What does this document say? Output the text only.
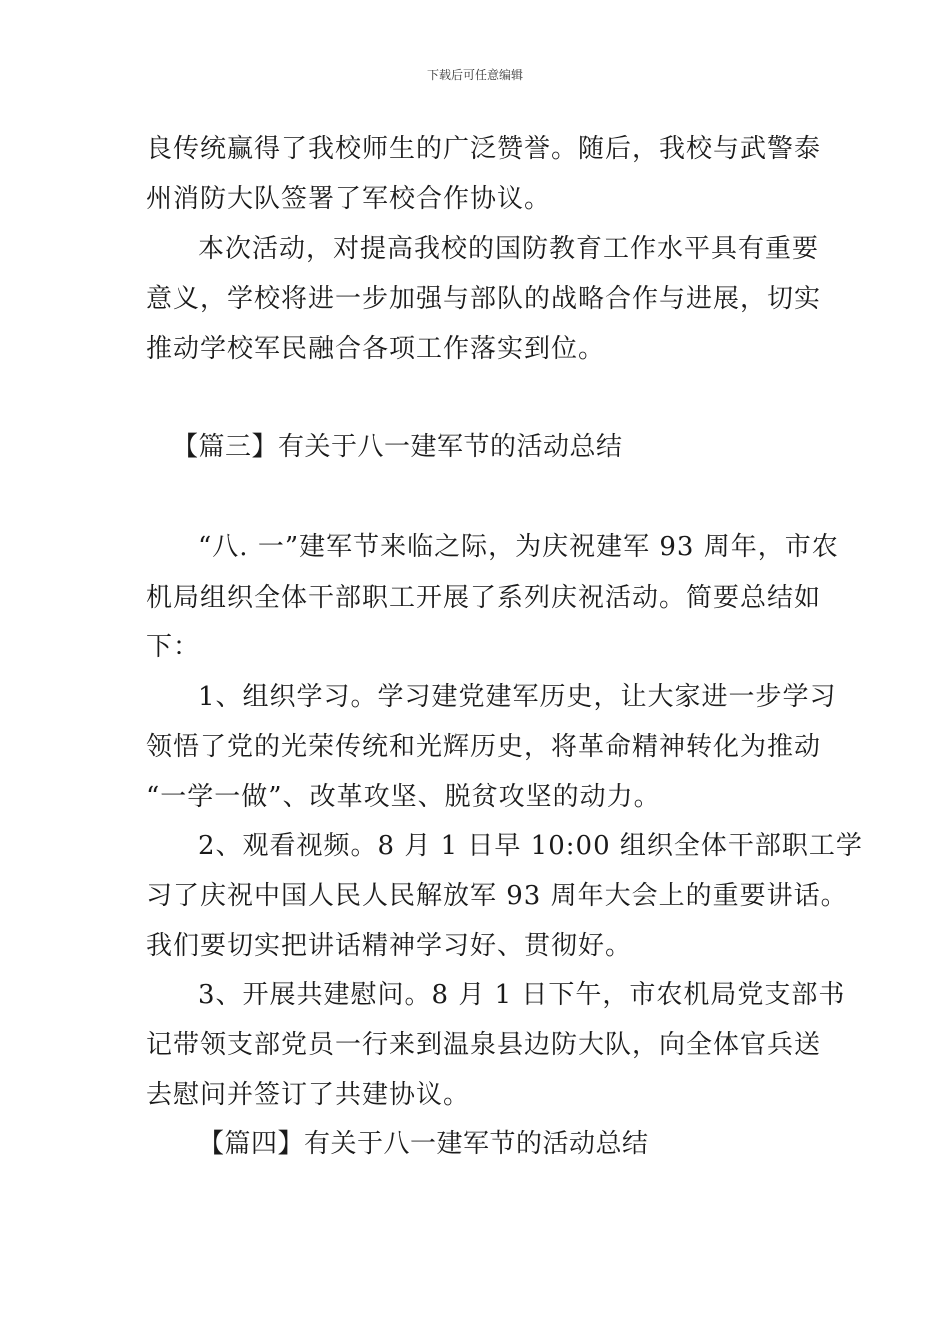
下载后可任意编辑
良传统赢得了我校师生的广泛赞誉。随后，我校与武警泰
州消防大队签署了军校合作协议。
本次活动，对提高我校的国防教育工作水平具有重要
意义，学校将进一步加强与部队的战略合作与进展，切实
推动学校军民融合各项工作落实到位。
【篇三】有关于八一建军节的活动总结
“八. 一”建军节来临之际，为庆祝建军 93 周年，市农
机局组织全体干部职工开展了系列庆祝活动。简要总结如
下：
1、组织学习。学习建党建军历史，让大家进一步学习
领悟了党的光荣传统和光辉历史，将革命精神转化为推动
“一学一做”、改革攻坚、脱贫攻坚的动力。
2、观看视频。8 月 1 日早 10:00 组织全体干部职工学
习了庆祝中国人民人民解放军 93 周年大会上的重要讲话。
我们要切实把讲话精神学习好、贯彻好。
3、开展共建慰问。8 月 1 日下午，市农机局党支部书
记带领支部党员一行来到温泉县边防大队，向全体官兵送
去慰问并签订了共建协议。
【篇四】有关于八一建军节的活动总结
